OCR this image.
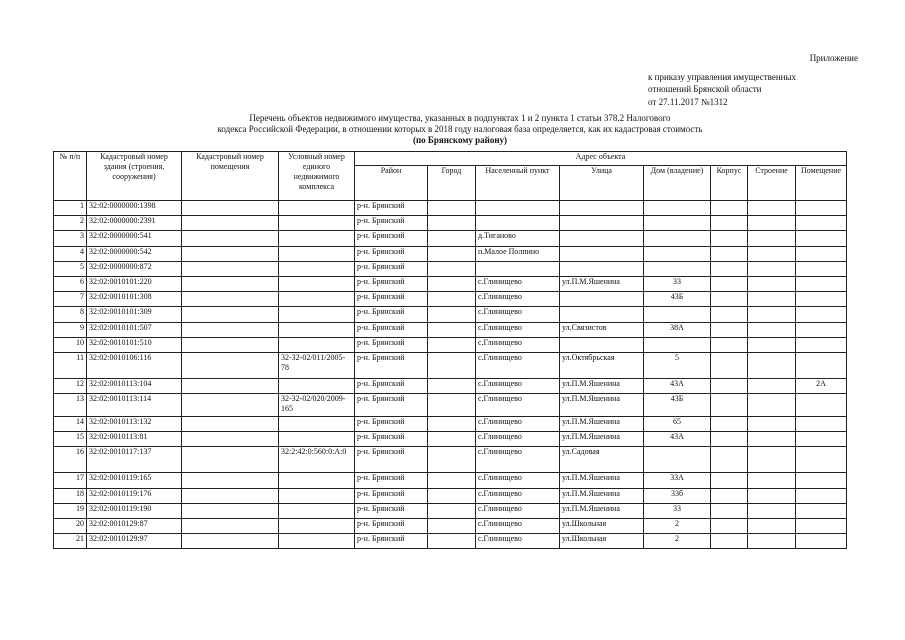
Приложение
к приказу управления имущественных
отношений Брянской области
от 27.11.2017 №1312
Перечень объектов недвижимого имущества, указанных в подпунктах 1 и 2 пункта 1 статьи 378.2 Налогового
кодекса Российской Федерации, в отношении которых в 2018 году налоговая база определяется, как их кадастровая стоимость
(по Брянскому району)
№ п/п	Кадастровый номер здания (строения, сооружения)	Кадастровый номер помещения	Условный номер единого недвижимого комплекса	Адрес объекта							
				Район	Город	Населенный пункт	Улица	Дом (владение)	Корпус	Строение	Помещение
1	32:02:0000000:1398			р-н. Брянский							
2	32:02:0000000:2391			р-н. Брянский							
3	32:02:0000000:541			р-н. Брянский		д.Тиганово					
4	32:02:0000000:542			р-н. Брянский		п.Малое Полпино					
5	32:02:0000000:872			р-н. Брянский							
6	32:02:0010101:220			р-н. Брянский		с.Глинищево	ул.П.М.Яшенина	33			
7	32:02:0010101:308			р-н. Брянский		с.Глинищево		43Б			
8	32:02:0010101:309			р-н. Брянский		с.Глинищево					
9	32:02:0010101:507			р-н. Брянский		с.Глинищево	ул.Связистов	38А			
10	32:02:0010101:510			р-н. Брянский		с.Глинищево					
11	32:02:0010106:116		32-32-02/011/2005-78	р-н. Брянский		с.Глинищево	ул.Октябрьская	5			
12	32:02:0010113:104			р-н. Брянский		с.Глинищево	ул.П.М.Яшенина	43А			2А
13	32:02:0010113:114		32-32-02/020/2009-165	р-н. Брянский		с.Глинищево	ул.П.М.Яшенина	43Б			
14	32:02:0010113:132			р-н. Брянский		с.Глинищево	ул.П.М.Яшенина	65			
15	32:02:0010113:81			р-н. Брянский		с.Глинищево	ул.П.М.Яшенина	43А			
16	32:02:0010117:137		32:2:42:0:560:0:А:0	р-н. Брянский		с.Глинищево	ул.Садовая				
17	32:02:0010119:165			р-н. Брянский		с.Глинищево	ул.П.М.Яшенина	33А			
18	32:02:0010119:176			р-н. Брянский		с.Глинищево	ул.П.М.Яшенина	33б			
19	32:02:0010119:190			р-н. Брянский		с.Глинищево	ул.П.М.Яшенина	33			
20	32:02:0010129:87			р-н. Брянский		с.Глинищево	ул.Школьная	2			
21	32:02:0010129:97			р-н. Брянский		с.Глинищево	ул.Школьная	2			
